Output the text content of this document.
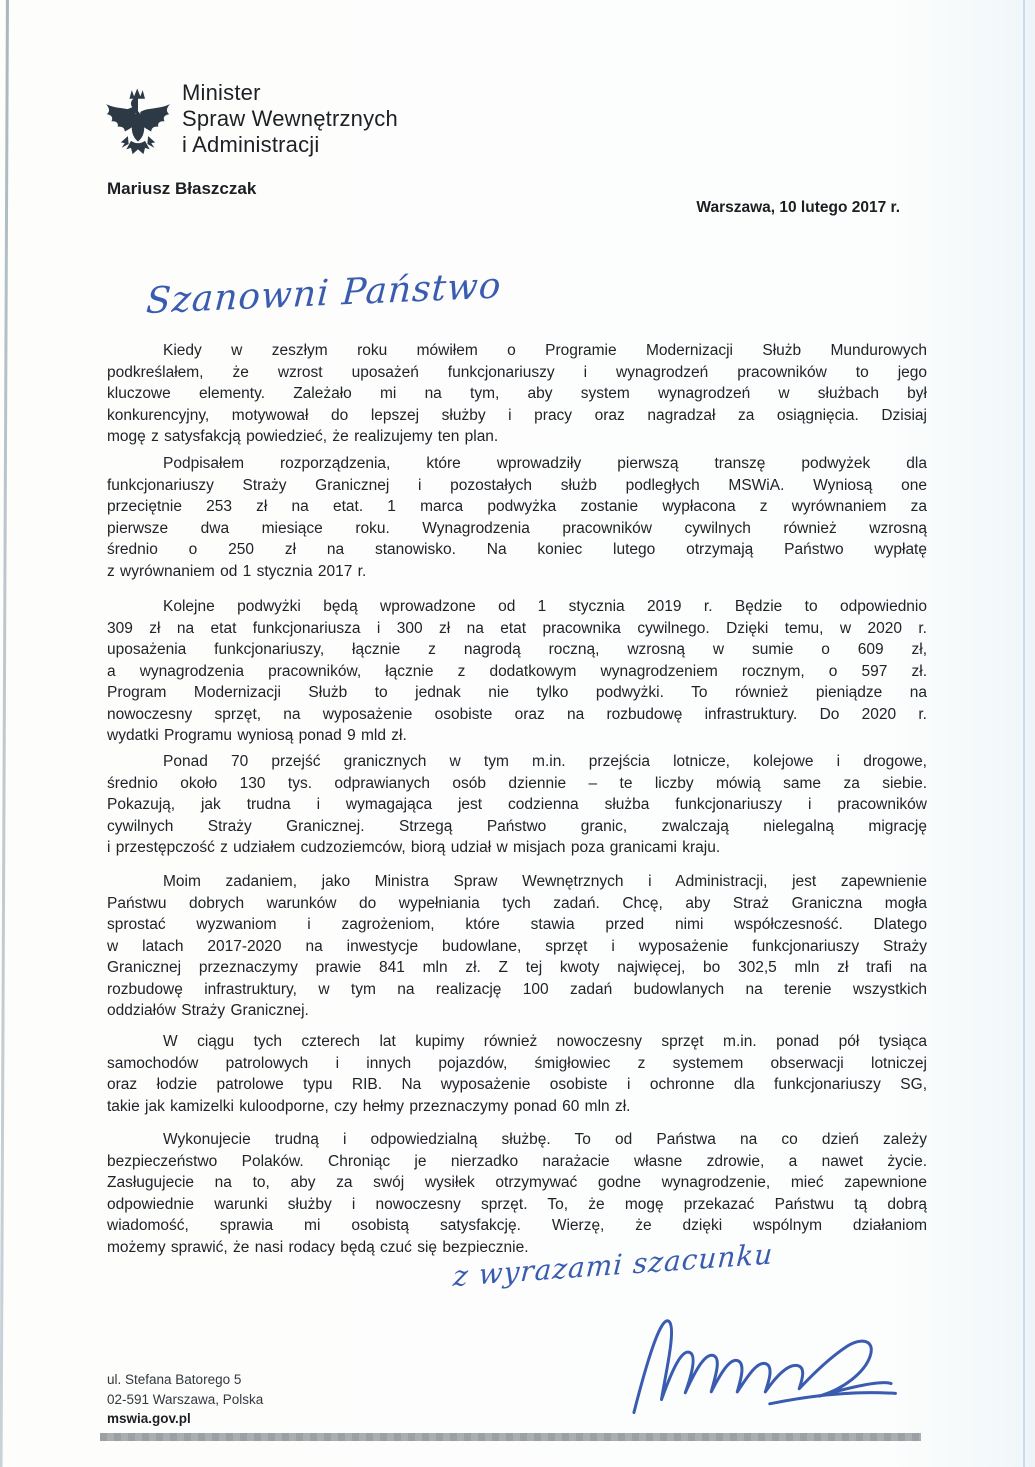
Minister
Spraw Wewnętrznych
i Administracji
Mariusz Błaszczak
Warszawa, 10 lutego 2017 r.
Szanowni Państwo
Kiedy w zeszłym roku mówiłem o Programie Modernizacji Służb Mundurowych
podkreślałem, że wzrost uposażeń funkcjonariuszy i wynagrodzeń pracowników to jego
kluczowe elementy. Zależało mi na tym, aby system wynagrodzeń w służbach był
konkurencyjny, motywował do lepszej służby i pracy oraz nagradzał za osiągnięcia. Dzisiaj
mogę z satysfakcją powiedzieć, że realizujemy ten plan.
Podpisałem rozporządzenia, które wprowadziły pierwszą transzę podwyżek dla
funkcjonariuszy Straży Granicznej i pozostałych służb podległych MSWiA. Wyniosą one
przeciętnie 253 zł na etat. 1 marca podwyżka zostanie wypłacona z wyrównaniem za
pierwsze dwa miesiące roku. Wynagrodzenia pracowników cywilnych również wzrosną
średnio o 250 zł na stanowisko. Na koniec lutego otrzymają Państwo wypłatę
z wyrównaniem od 1 stycznia 2017 r.
Kolejne podwyżki będą wprowadzone od 1 stycznia 2019 r. Będzie to odpowiednio
309 zł na etat funkcjonariusza i 300 zł na etat pracownika cywilnego. Dzięki temu, w 2020 r.
uposażenia funkcjonariuszy, łącznie z nagrodą roczną, wzrosną w sumie o 609 zł,
a wynagrodzenia pracowników, łącznie z dodatkowym wynagrodzeniem rocznym, o 597 zł.
Program Modernizacji Służb to jednak nie tylko podwyżki. To również pieniądze na
nowoczesny sprzęt, na wyposażenie osobiste oraz na rozbudowę infrastruktury. Do 2020 r.
wydatki Programu wyniosą ponad 9 mld zł.
Ponad 70 przejść granicznych w tym m.in. przejścia lotnicze, kolejowe i drogowe,
średnio około 130 tys. odprawianych osób dziennie – te liczby mówią same za siebie.
Pokazują, jak trudna i wymagająca jest codzienna służba funkcjonariuszy i pracowników
cywilnych Straży Granicznej. Strzegą Państwo granic, zwalczają nielegalną migrację
i przestępczość z udziałem cudzoziemców, biorą udział w misjach poza granicami kraju.
Moim zadaniem, jako Ministra Spraw Wewnętrznych i Administracji, jest zapewnienie
Państwu dobrych warunków do wypełniania tych zadań. Chcę, aby Straż Graniczna mogła
sprostać wyzwaniom i zagrożeniom, które stawia przed nimi współczesność. Dlatego
w latach 2017-2020 na inwestycje budowlane, sprzęt i wyposażenie funkcjonariuszy Straży
Granicznej przeznaczymy prawie 841 mln zł. Z tej kwoty najwięcej, bo 302,5 mln zł trafi na
rozbudowę infrastruktury, w tym na realizację 100 zadań budowlanych na terenie wszystkich
oddziałów Straży Granicznej.
W ciągu tych czterech lat kupimy również nowoczesny sprzęt m.in. ponad pół tysiąca
samochodów patrolowych i innych pojazdów, śmigłowiec z systemem obserwacji lotniczej
oraz łodzie patrolowe typu RIB. Na wyposażenie osobiste i ochronne dla funkcjonariuszy SG,
takie jak kamizelki kuloodporne, czy hełmy przeznaczymy ponad 60 mln zł.
Wykonujecie trudną i odpowiedzialną służbę. To od Państwa na co dzień zależy
bezpieczeństwo Polaków. Chroniąc je nierzadko narażacie własne zdrowie, a nawet życie.
Zasługujecie na to, aby za swój wysiłek otrzymywać godne wynagrodzenie, mieć zapewnione
odpowiednie warunki służby i nowoczesny sprzęt. To, że mogę przekazać Państwu tą dobrą
wiadomość, sprawia mi osobistą satysfakcję. Wierzę, że dzięki wspólnym działaniom
możemy sprawić, że nasi rodacy będą czuć się bezpiecznie.
z wyrazami szacunku
ul. Stefana Batorego 5
02-591 Warszawa, Polska
mswia.gov.pl
